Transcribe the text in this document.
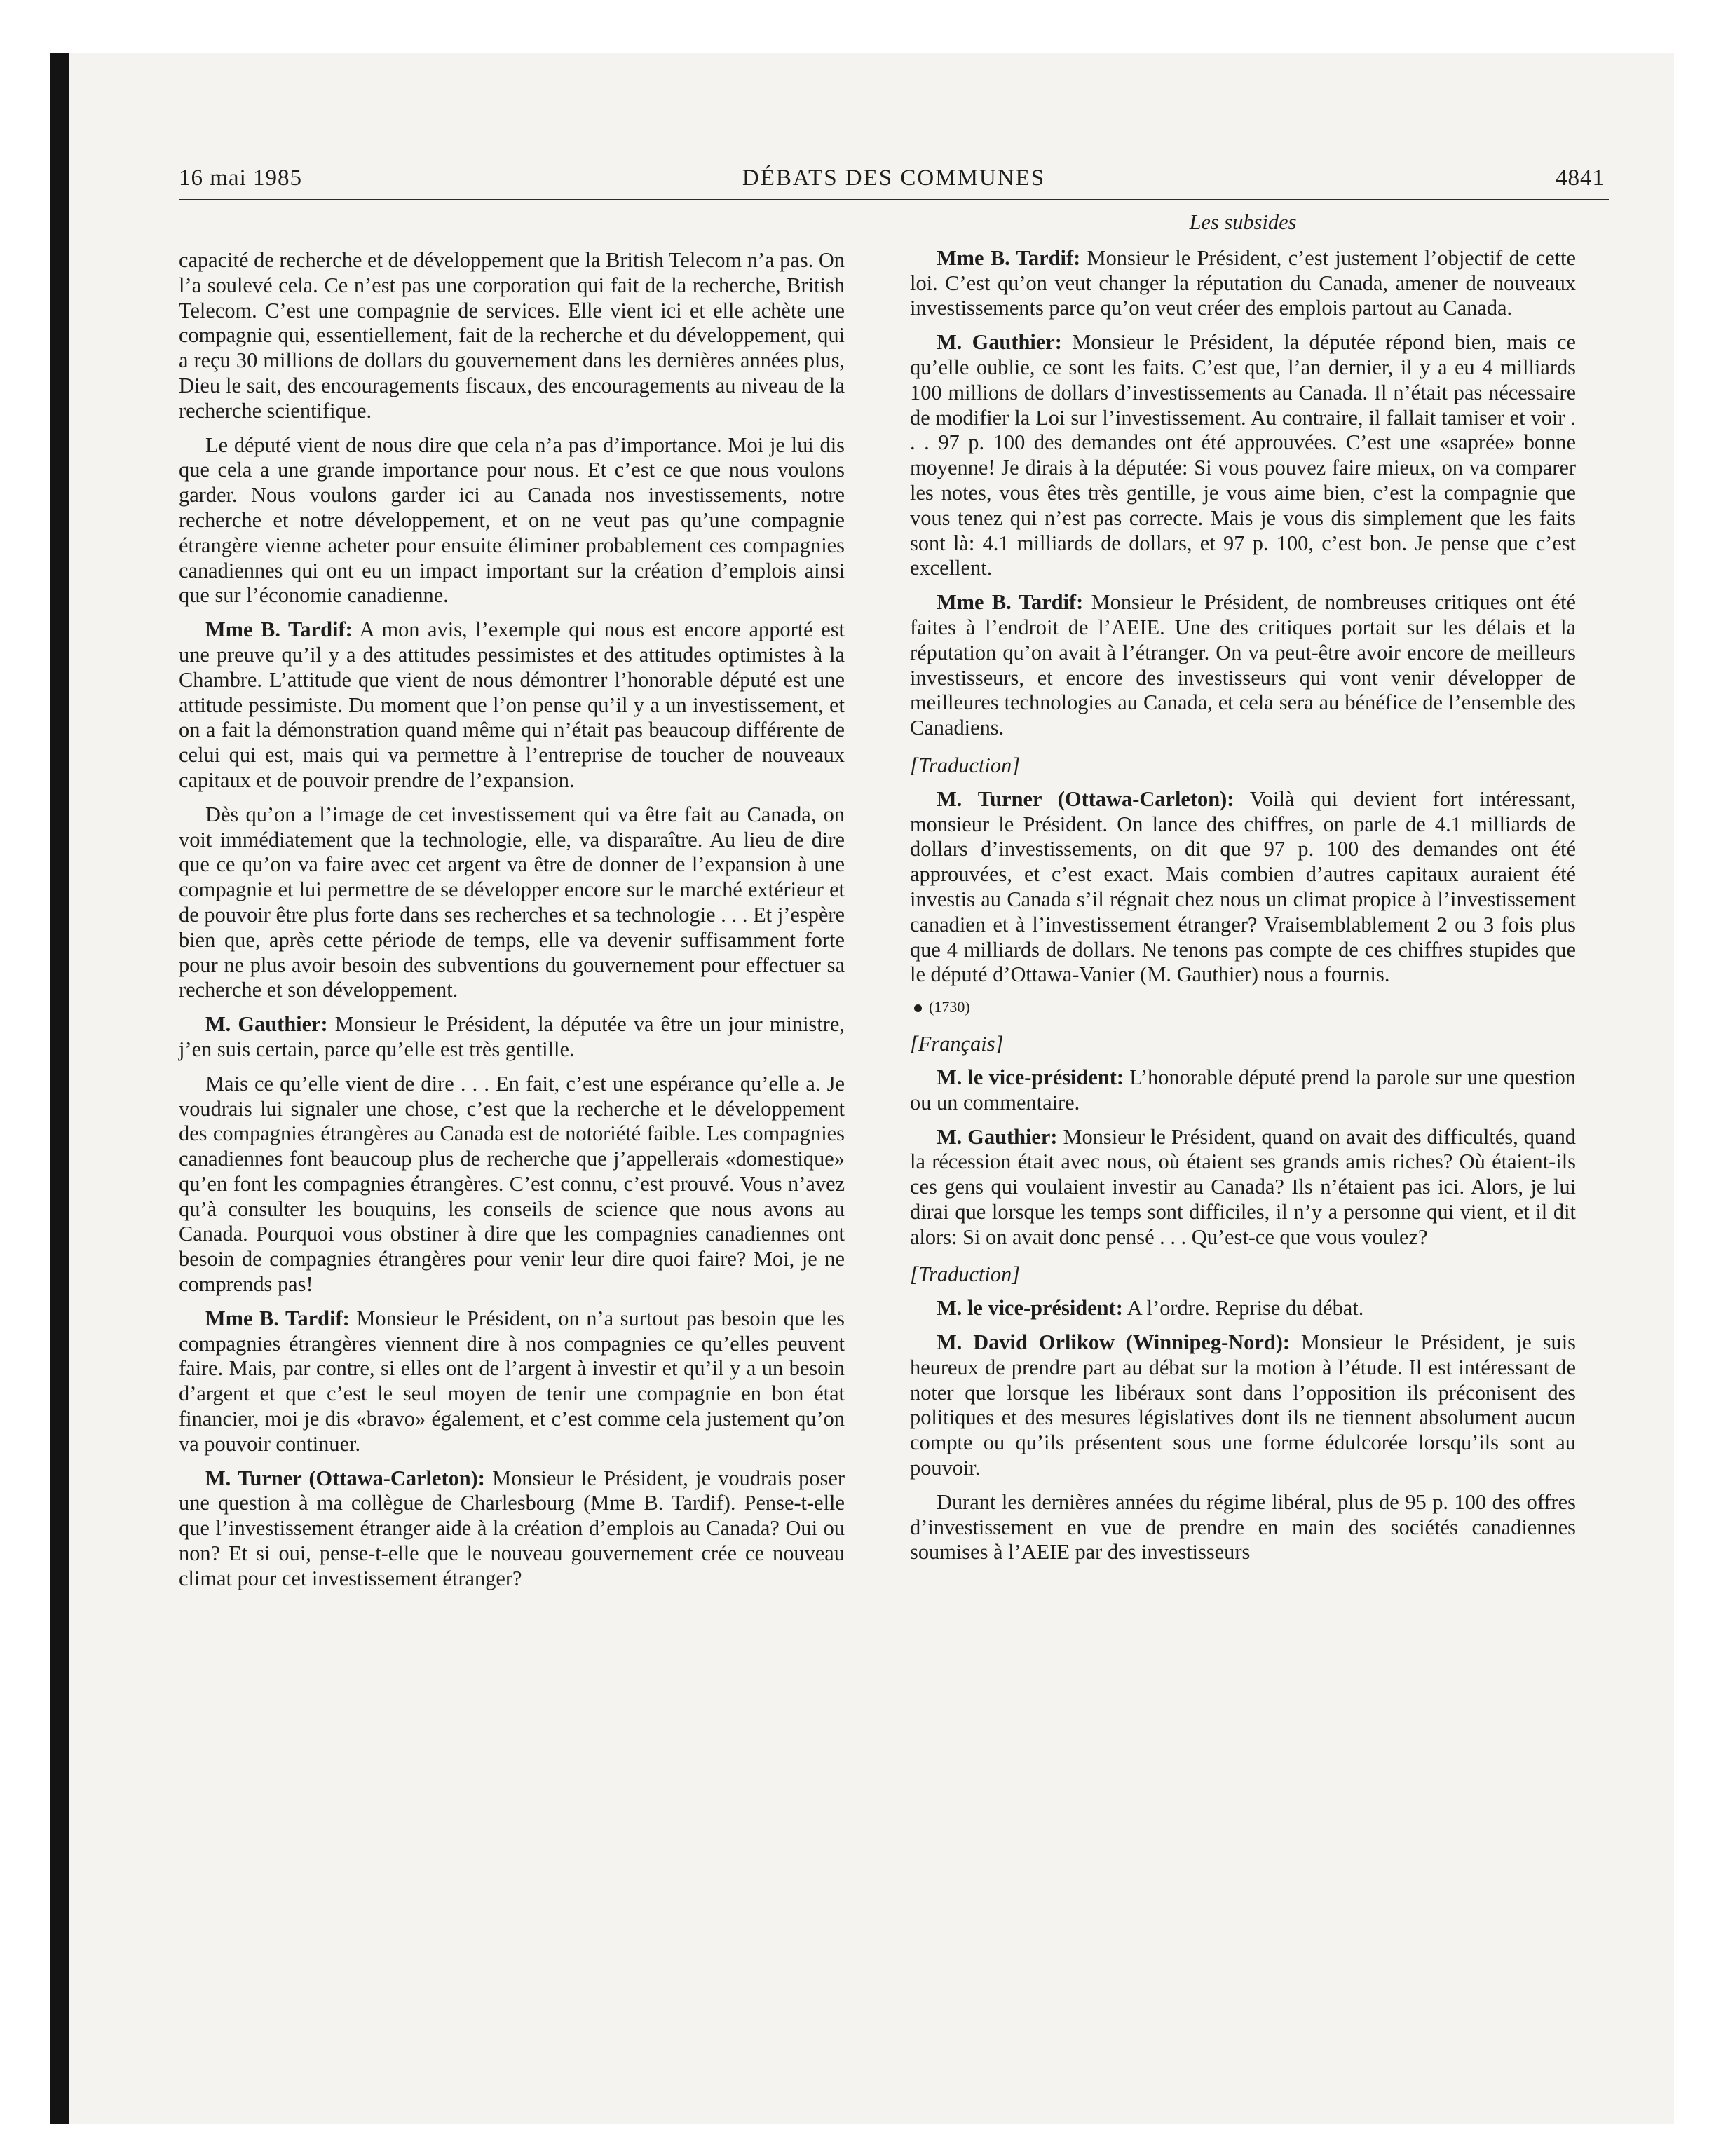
16 mai 1985	DÉBATS DES COMMUNES	4841

capacité de recherche et de développement que la British Telecom n’a pas. On l’a soulevé cela. Ce n’est pas une corporation qui fait de la recherche, British Telecom. C’est une compagnie de services. Elle vient ici et elle achète une compagnie qui, essentiellement, fait de la recherche et du développement, qui a reçu 30 millions de dollars du gouvernement dans les dernières années plus, Dieu le sait, des encouragements fiscaux, des encouragements au niveau de la recherche scientifique.

Le député vient de nous dire que cela n’a pas d’importance. Moi je lui dis que cela a une grande importance pour nous. Et c’est ce que nous voulons garder. Nous voulons garder ici au Canada nos investissements, notre recherche et notre développement, et on ne veut pas qu’une compagnie étrangère vienne acheter pour ensuite éliminer probablement ces compagnies canadiennes qui ont eu un impact important sur la création d’emplois ainsi que sur l’économie canadienne.

Mme B. Tardif: A mon avis, l’exemple qui nous est encore apporté est une preuve qu’il y a des attitudes pessimistes et des attitudes optimistes à la Chambre. L’attitude que vient de nous démontrer l’honorable député est une attitude pessimiste. Du moment que l’on pense qu’il y a un investissement, et on a fait la démonstration quand même qui n’était pas beaucoup différente de celui qui est, mais qui va permettre à l’entreprise de toucher de nouveaux capitaux et de pouvoir prendre de l’expansion.

Dès qu’on a l’image de cet investissement qui va être fait au Canada, on voit immédiatement que la technologie, elle, va disparaître. Au lieu de dire que ce qu’on va faire avec cet argent va être de donner de l’expansion à une compagnie et lui permettre de se développer encore sur le marché extérieur et de pouvoir être plus forte dans ses recherches et sa technologie . . . Et j’espère bien que, après cette période de temps, elle va devenir suffisamment forte pour ne plus avoir besoin des subventions du gouvernement pour effectuer sa recherche et son développement.

M. Gauthier: Monsieur le Président, la députée va être un jour ministre, j’en suis certain, parce qu’elle est très gentille.

Mais ce qu’elle vient de dire . . . En fait, c’est une espérance qu’elle a. Je voudrais lui signaler une chose, c’est que la recherche et le développement des compagnies étrangères au Canada est de notoriété faible. Les compagnies canadiennes font beaucoup plus de recherche que j’appellerais «domestique» qu’en font les compagnies étrangères. C’est connu, c’est prouvé. Vous n’avez qu’à consulter les bouquins, les conseils de science que nous avons au Canada. Pourquoi vous obstiner à dire que les compagnies canadiennes ont besoin de compagnies étrangères pour venir leur dire quoi faire? Moi, je ne comprends pas!

Mme B. Tardif: Monsieur le Président, on n’a surtout pas besoin que les compagnies étrangères viennent dire à nos compagnies ce qu’elles peuvent faire. Mais, par contre, si elles ont de l’argent à investir et qu’il y a un besoin d’argent et que c’est le seul moyen de tenir une compagnie en bon état financier, moi je dis «bravo» également, et c’est comme cela justement qu’on va pouvoir continuer.

M. Turner (Ottawa-Carleton): Monsieur le Président, je voudrais poser une question à ma collègue de Charlesbourg (Mme B. Tardif). Pense-t-elle que l’investissement étranger aide à la création d’emplois au Canada? Oui ou non? Et si oui, pense-t-elle que le nouveau gouvernement crée ce nouveau climat pour cet investissement étranger?

Les subsides

Mme B. Tardif: Monsieur le Président, c’est justement l’objectif de cette loi. C’est qu’on veut changer la réputation du Canada, amener de nouveaux investissements parce qu’on veut créer des emplois partout au Canada.

M. Gauthier: Monsieur le Président, la députée répond bien, mais ce qu’elle oublie, ce sont les faits. C’est que, l’an dernier, il y a eu 4 milliards 100 millions de dollars d’investissements au Canada. Il n’était pas nécessaire de modifier la Loi sur l’investissement. Au contraire, il fallait tamiser et voir . . . 97 p. 100 des demandes ont été approuvées. C’est une «saprée» bonne moyenne! Je dirais à la députée: Si vous pouvez faire mieux, on va comparer les notes, vous êtes très gentille, je vous aime bien, c’est la compagnie que vous tenez qui n’est pas correcte. Mais je vous dis simplement que les faits sont là: 4.1 milliards de dollars, et 97 p. 100, c’est bon. Je pense que c’est excellent.

Mme B. Tardif: Monsieur le Président, de nombreuses critiques ont été faites à l’endroit de l’AEIE. Une des critiques portait sur les délais et la réputation qu’on avait à l’étranger. On va peut-être avoir encore de meilleurs investisseurs, et encore des investisseurs qui vont venir développer de meilleures technologies au Canada, et cela sera au bénéfice de l’ensemble des Canadiens.

[Traduction]

M. Turner (Ottawa-Carleton): Voilà qui devient fort intéressant, monsieur le Président. On lance des chiffres, on parle de 4.1 milliards de dollars d’investissements, on dit que 97 p. 100 des demandes ont été approuvées, et c’est exact. Mais combien d’autres capitaux auraient été investis au Canada s’il régnait chez nous un climat propice à l’investissement canadien et à l’investissement étranger? Vraisemblablement 2 ou 3 fois plus que 4 milliards de dollars. Ne tenons pas compte de ces chiffres stupides que le député d’Ottawa-Vanier (M. Gauthier) nous a fournis.

(1730)

[Français]

M. le vice-président: L’honorable député prend la parole sur une question ou un commentaire.

M. Gauthier: Monsieur le Président, quand on avait des difficultés, quand la récession était avec nous, où étaient ses grands amis riches? Où étaient-ils ces gens qui voulaient investir au Canada? Ils n’étaient pas ici. Alors, je lui dirai que lorsque les temps sont difficiles, il n’y a personne qui vient, et il dit alors: Si on avait donc pensé . . . Qu’est-ce que vous voulez?

[Traduction]

M. le vice-président: A l’ordre. Reprise du débat.

M. David Orlikow (Winnipeg-Nord): Monsieur le Président, je suis heureux de prendre part au débat sur la motion à l’étude. Il est intéressant de noter que lorsque les libéraux sont dans l’opposition ils préconisent des politiques et des mesures législatives dont ils ne tiennent absolument aucun compte ou qu’ils présentent sous une forme édulcorée lorsqu’ils sont au pouvoir.

Durant les dernières années du régime libéral, plus de 95 p. 100 des offres d’investissement en vue de prendre en main des sociétés canadiennes soumises à l’AEIE par des investisseurs
